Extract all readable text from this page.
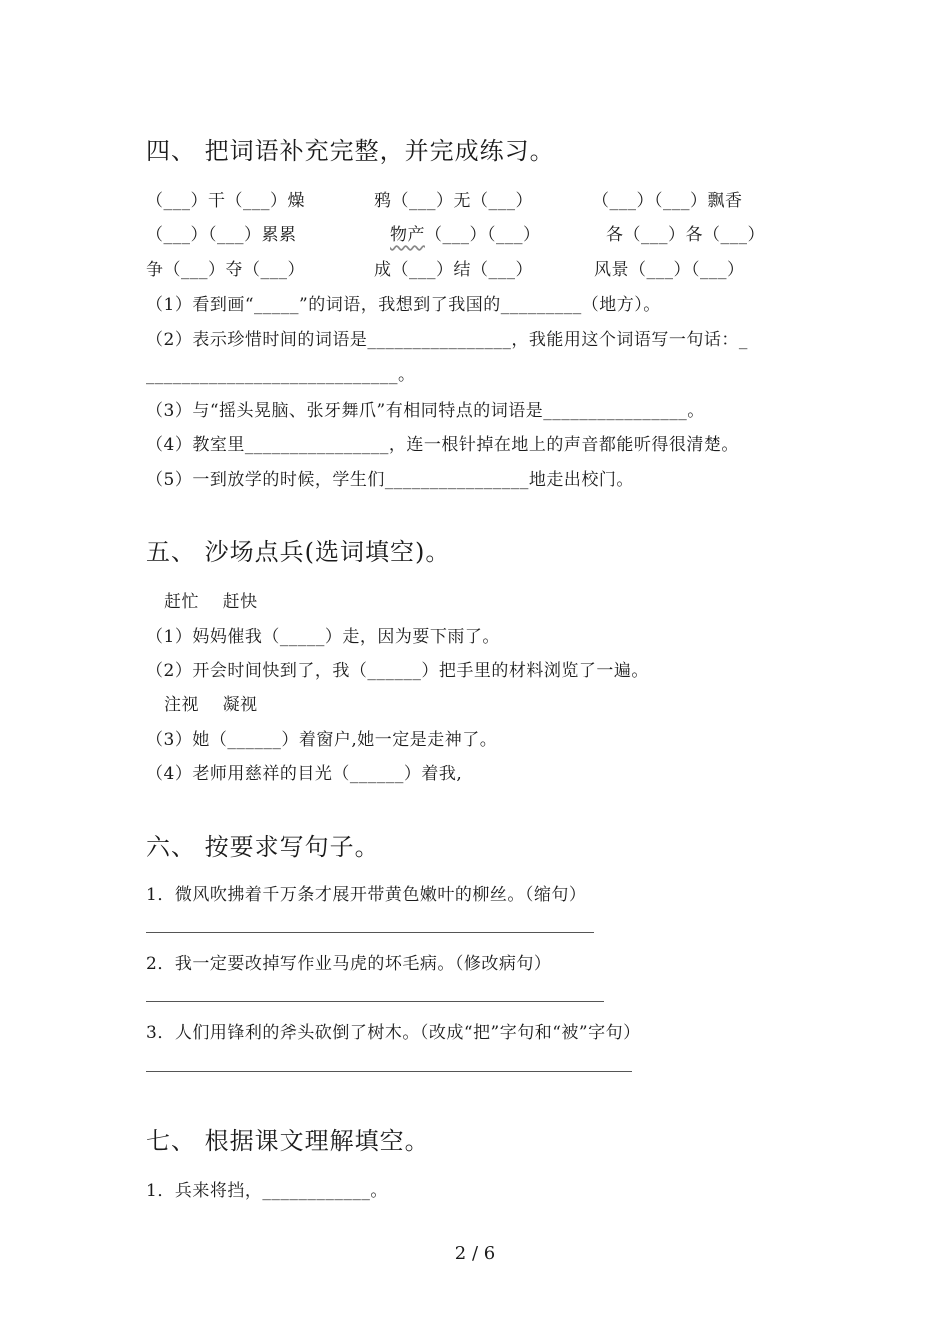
四、 把词语补充完整，并完成练习。
（___）干（___）燥	鸦（___）无（___）	（___）（___）飘香
（___）（___）累累	物产（___）（___）	各（___）各（___）
争（___）夺（___）	成（___）结（___）	风景（___）（___）
（1）看到画“_____”的词语，我想到了我国的_________（地方）。
（2）表示珍惜时间的词语是________________，我能用这个词语写一句话：_
____________________________。
（3）与“摇头晃脑、张牙舞爪”有相同特点的词语是________________。
（4）教室里________________，连一根针掉在地上的声音都能听得很清楚。
（5）一到放学的时候，学生们________________地走出校门。
五、 沙场点兵(选词填空)。
赶忙    赶快
（1）妈妈催我（_____）走，因为要下雨了。
（2）开会时间快到了，我（______）把手里的材料浏览了一遍。
注视    凝视
（3）她（______）着窗户,她一定是走神了。
（4）老师用慈祥的目光（______）着我,
六、 按要求写句子。
1．微风吹拂着千万条才展开带黄色嫩叶的柳丝。（缩句）
2．我一定要改掉写作业马虎的坏毛病。（修改病句）
3．人们用锋利的斧头砍倒了树木。（改成“把”字句和“被”字句）
七、 根据课文理解填空。
1．兵来将挡，____________。
2 / 6
